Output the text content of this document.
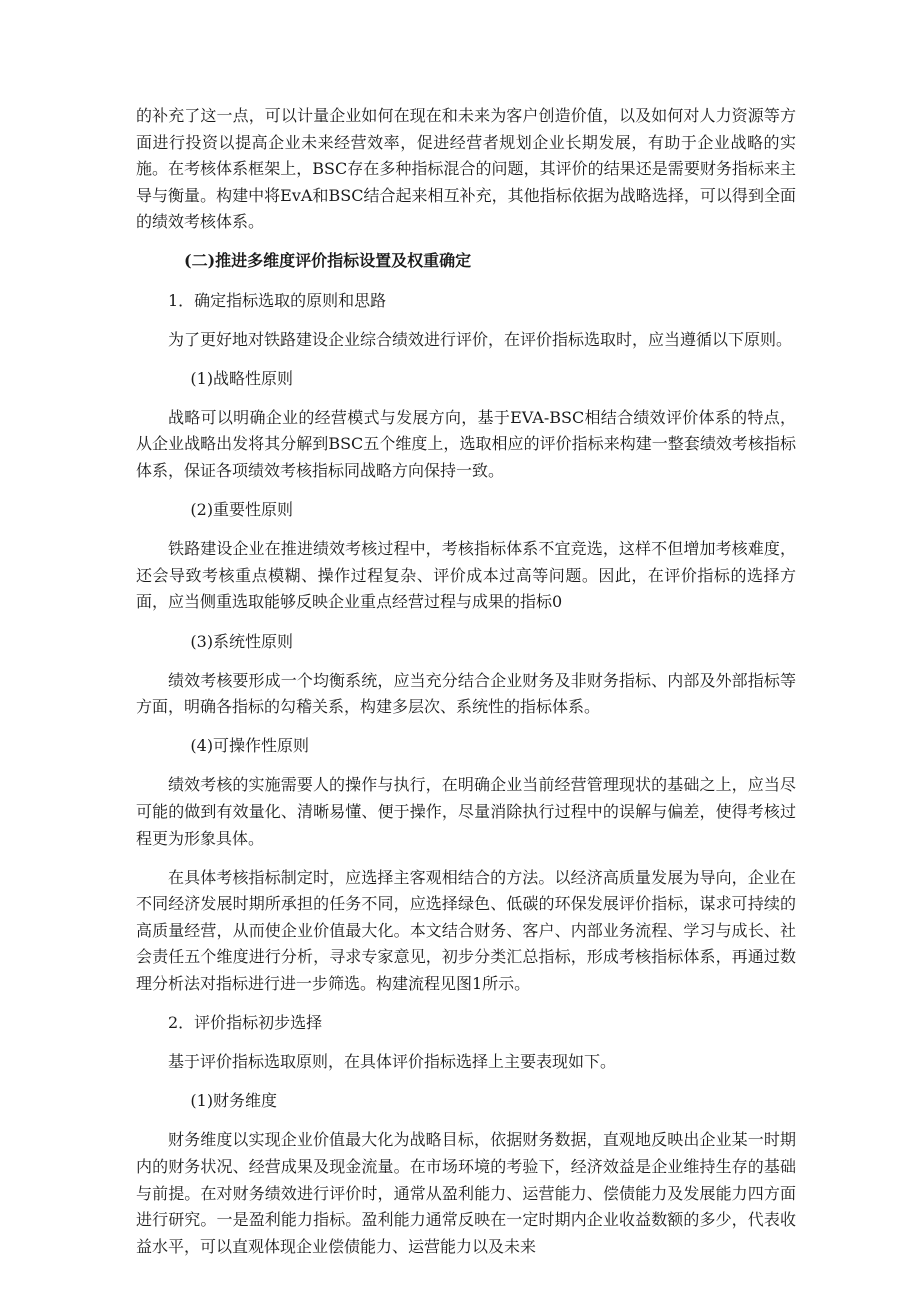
的补充了这一点，可以计量企业如何在现在和未来为客户创造价值，以及如何对人力资源等方面进行投资以提高企业未来经营效率，促进经营者规划企业长期发展，有助于企业战略的实施。在考核体系框架上，BSC存在多种指标混合的问题，其评价的结果还是需要财务指标来主导与衡量。构建中将EvA和BSC结合起来相互补充，其他指标依据为战略选择，可以得到全面的绩效考核体系。

(二)推进多维度评价指标设置及权重确定

1．确定指标选取的原则和思路

为了更好地对铁路建设企业综合绩效进行评价，在评价指标选取时，应当遵循以下原则。

(1)战略性原则

战略可以明确企业的经营模式与发展方向，基于EVA-BSC相结合绩效评价体系的特点，从企业战略出发将其分解到BSC五个维度上，选取相应的评价指标来构建一整套绩效考核指标体系，保证各项绩效考核指标同战略方向保持一致。

(2)重要性原则

铁路建设企业在推进绩效考核过程中，考核指标体系不宜竞选，这样不但增加考核难度，还会导致考核重点模糊、操作过程复杂、评价成本过高等问题。因此，在评价指标的选择方面，应当侧重选取能够反映企业重点经营过程与成果的指标0

(3)系统性原则

绩效考核要形成一个均衡系统，应当充分结合企业财务及非财务指标、内部及外部指标等方面，明确各指标的勾稽关系，构建多层次、系统性的指标体系。

(4)可操作性原则

绩效考核的实施需要人的操作与执行，在明确企业当前经营管理现状的基础之上，应当尽可能的做到有效量化、清晰易懂、便于操作，尽量消除执行过程中的误解与偏差，使得考核过程更为形象具体。

在具体考核指标制定时，应选择主客观相结合的方法。以经济高质量发展为导向，企业在不同经济发展时期所承担的任务不同，应选择绿色、低碳的环保发展评价指标，谋求可持续的高质量经营，从而使企业价值最大化。本文结合财务、客户、内部业务流程、学习与成长、社会责任五个维度进行分析，寻求专家意见，初步分类汇总指标，形成考核指标体系，再通过数理分析法对指标进行进一步筛选。构建流程见图1所示。

2．评价指标初步选择

基于评价指标选取原则，在具体评价指标选择上主要表现如下。

(1)财务维度

财务维度以实现企业价值最大化为战略目标，依据财务数据，直观地反映出企业某一时期内的财务状况、经营成果及现金流量。在市场环境的考验下，经济效益是企业维持生存的基础与前提。在对财务绩效进行评价时，通常从盈利能力、运营能力、偿债能力及发展能力四方面进行研究。一是盈利能力指标。盈利能力通常反映在一定时期内企业收益数额的多少，代表收益水平，可以直观体现企业偿债能力、运营能力以及未来
